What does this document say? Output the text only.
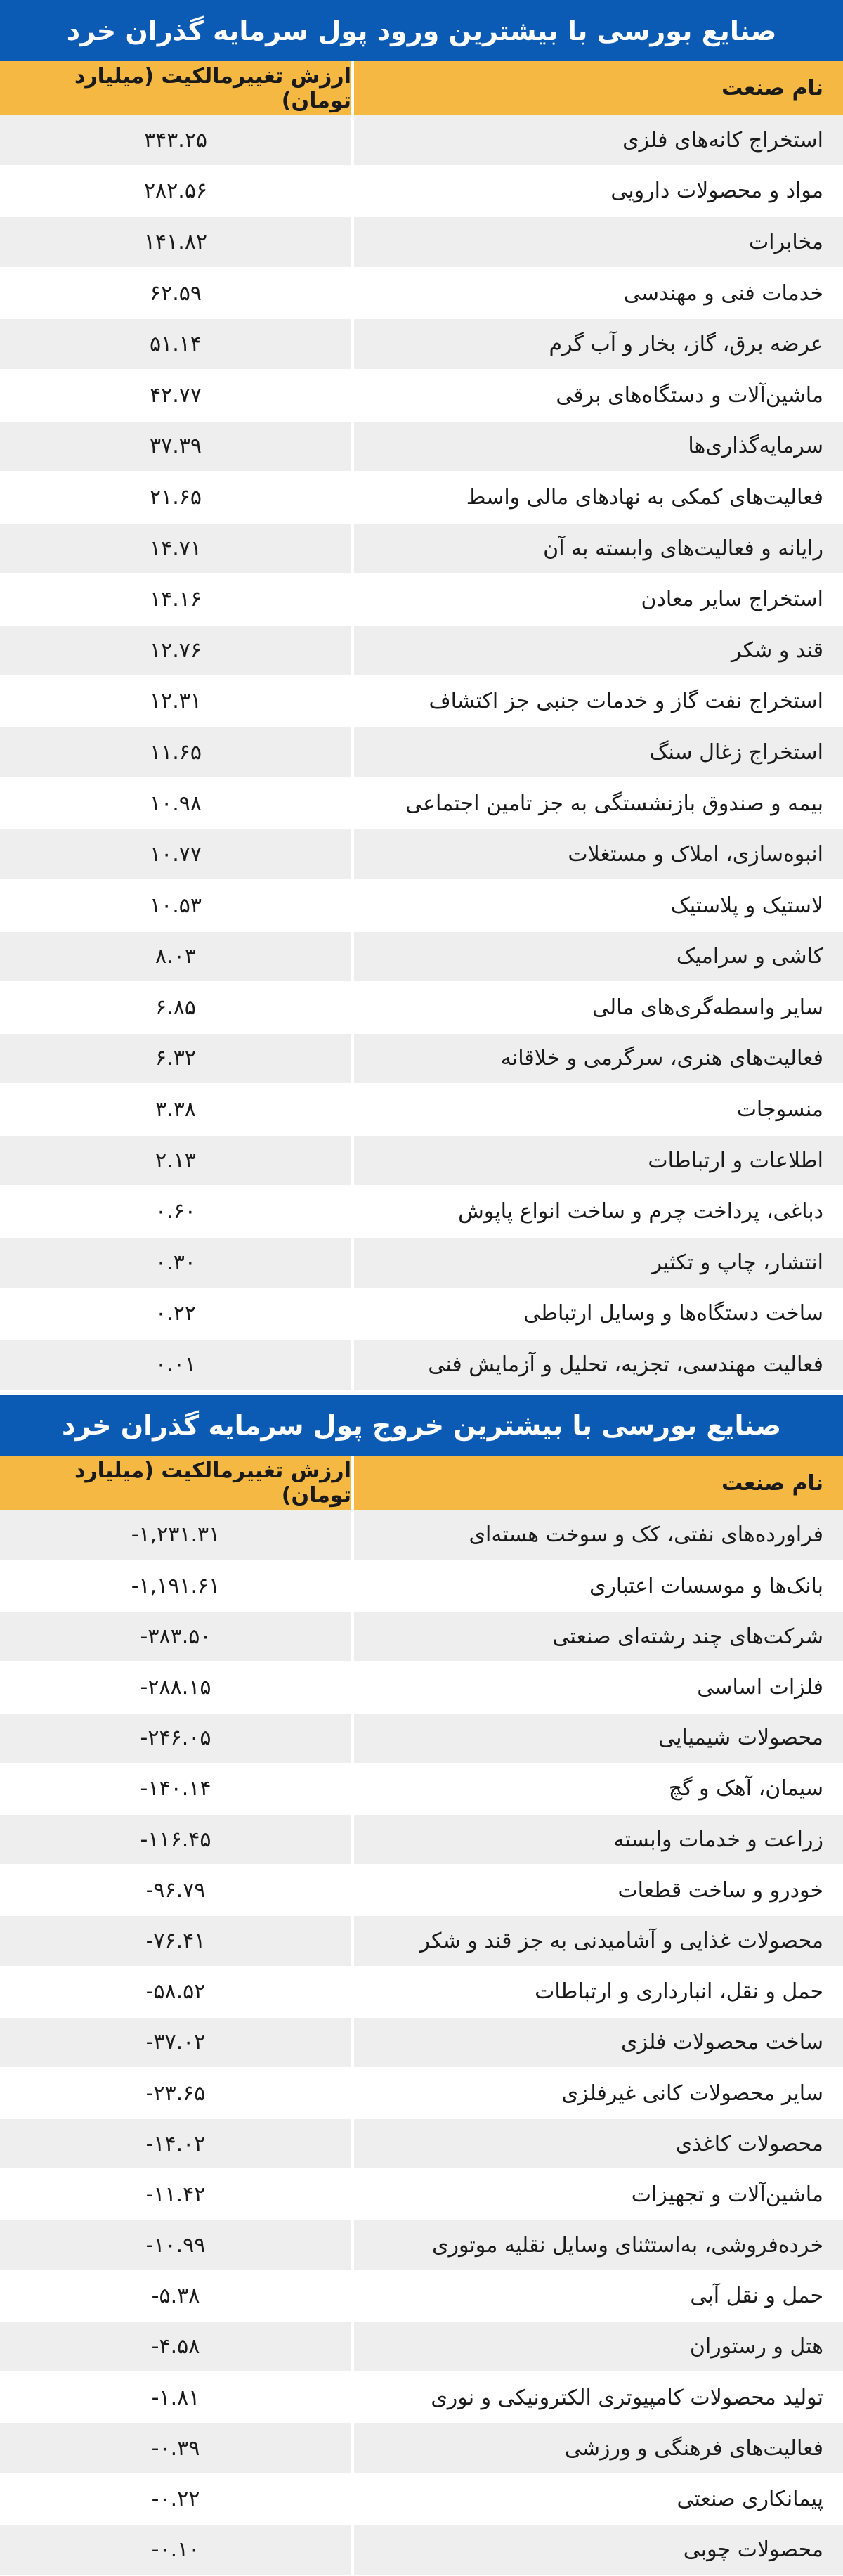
صنایع بورسی با بیشترین ورود پول سرمایه گذران خرد
نام صنعت
ارزش تغییرمالکیت (میلیارد تومان)
استخراج کانه‌های فلزی
۳۴۳.۲۵
مواد و محصولات دارویی
۲۸۲.۵۶
مخابرات
۱۴۱.۸۲
خدمات فنی و مهندسی
۶۲.۵۹
عرضه برق، گاز، بخار و آب گرم
۵۱.۱۴
ماشین‌آلات و دستگاه‌های برقی
۴۲.۷۷
سرمایه‌گذاری‌ها
۳۷.۳۹
فعالیت‌های کمکی به نهادهای مالی واسط
۲۱.۶۵
رایانه و فعالیت‌های وابسته به آن
۱۴.۷۱
استخراج سایر معادن
۱۴.۱۶
قند و شکر
۱۲.۷۶
استخراج نفت گاز و خدمات جنبی جز اکتشاف
۱۲.۳۱
استخراج زغال سنگ
۱۱.۶۵
بیمه و صندوق بازنشستگی به جز تامین اجتماعی
۱۰.۹۸
انبوه‌سازی، املاک و مستغلات
۱۰.۷۷
لاستیک و پلاستیک
۱۰.۵۳
کاشی و سرامیک
۸.۰۳
سایر واسطه‌گری‌های مالی
۶.۸۵
فعالیت‌های هنری، سرگرمی و خلاقانه
۶.۳۲
منسوجات
۳.۳۸
اطلاعات و ارتباطات
۲.۱۳
دباغی، پرداخت چرم و ساخت انواع پاپوش
۰.۶۰
انتشار، چاپ و تکثیر
۰.۳۰
ساخت دستگاه‌ها و وسایل ارتباطی
۰.۲۲
فعالیت مهندسی، تجزیه، تحلیل و آزمایش فنی
۰.۰۱
صنایع بورسی با بیشترین خروج پول سرمایه گذران خرد
نام صنعت
ارزش تغییرمالکیت (میلیارد تومان)
فراورده‌های نفتی، کک و سوخت هسته‌ای
-۱,۲۳۱.۳۱
بانک‌ها و موسسات اعتباری
-۱,۱۹۱.۶۱
شرکت‌های چند رشته‌ای صنعتی
-۳۸۳.۵۰
فلزات اساسی
-۲۸۸.۱۵
محصولات شیمیایی
-۲۴۶.۰۵
سیمان، آهک و گچ
-۱۴۰.۱۴
زراعت و خدمات وابسته
-۱۱۶.۴۵
خودرو و ساخت قطعات
-۹۶.۷۹
محصولات غذایی و آشامیدنی به جز قند و شکر
-۷۶.۴۱
حمل و نقل، انبارداری و ارتباطات
-۵۸.۵۲
ساخت محصولات فلزی
-۳۷.۰۲
سایر محصولات کانی غیرفلزی
-۲۳.۶۵
محصولات کاغذی
-۱۴.۰۲
ماشین‌آلات و تجهیزات
-۱۱.۴۲
خرده‌فروشی، به‌استثنای وسایل نقلیه موتوری
-۱۰.۹۹
حمل و نقل آبی
-۵.۳۸
هتل و رستوران
-۴.۵۸
تولید محصولات کامپیوتری الکترونیکی و نوری
-۱.۸۱
فعالیت‌های فرهنگی و ورزشی
-۰.۳۹
پیمانکاری صنعتی
-۰.۲۲
محصولات چوبی
-۰.۱۰
